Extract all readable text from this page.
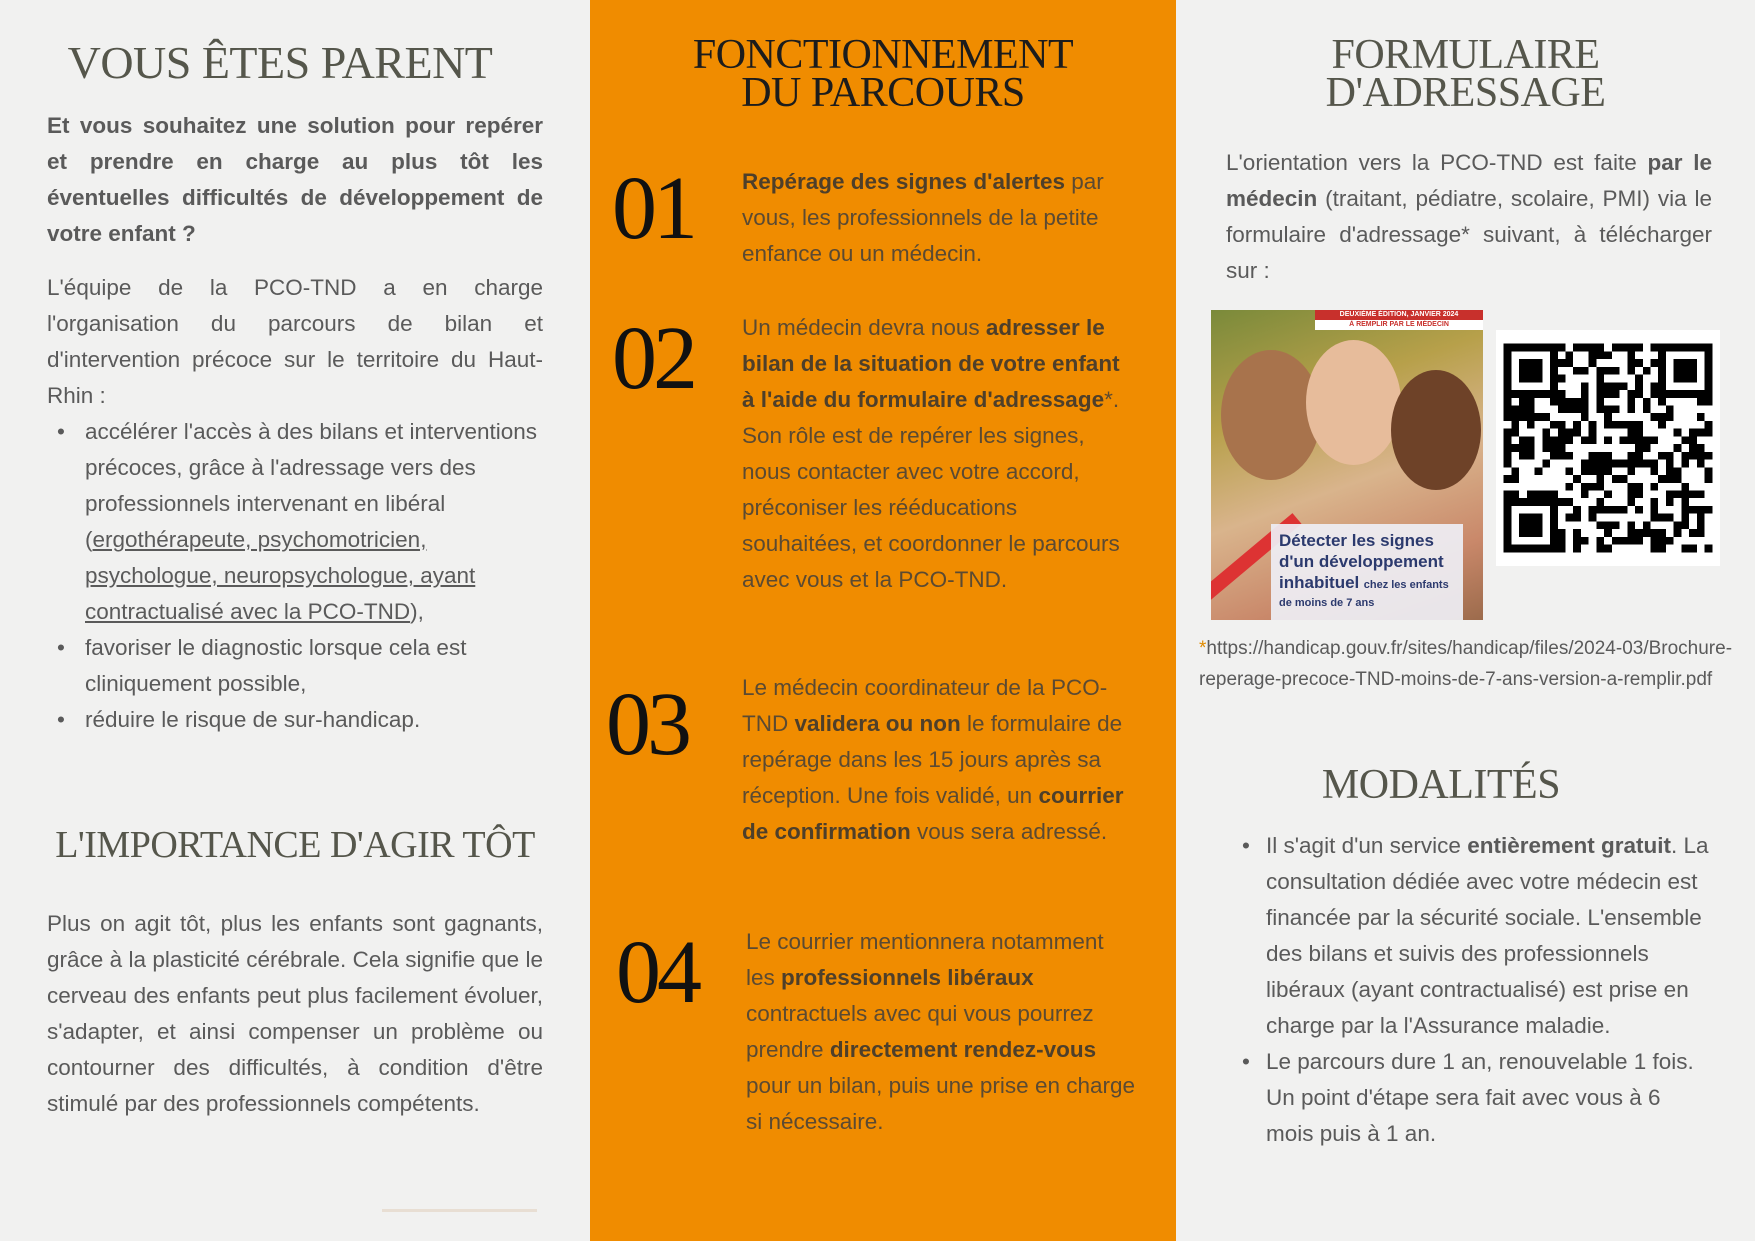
VOUS ÊTES PARENT

Et vous souhaitez une solution pour repérer et prendre en charge au plus tôt les éventuelles difficultés de développement de votre enfant ?

L'équipe de la PCO-TND a en charge l'organisation du parcours de bilan et d'intervention précoce sur le territoire du Haut-Rhin :

• accélérer l'accès à des bilans et interventions précoces, grâce à l'adressage vers des professionnels intervenant en libéral (ergothérapeute, psychomotricien, psychologue, neuropsychologue, ayant contractualisé avec la PCO-TND),
• favoriser le diagnostic lorsque cela est cliniquement possible,
• réduire le risque de sur-handicap.
L'IMPORTANCE D'AGIR TÔT

Plus on agit tôt, plus les enfants sont gagnants, grâce à la plasticité cérébrale. Cela signifie que le cerveau des enfants peut plus facilement évoluer, s'adapter, et ainsi compenser un problème ou contourner des difficultés, à condition d'être stimulé par des professionnels compétents.

FONCTIONNEMENT
DU PARCOURS
01 Repérage des signes d'alertes par vous, les professionnels de la petite enfance ou un médecin.
02 Un médecin devra nous adresser le bilan de la situation de votre enfant à l'aide du formulaire d'adressage*. Son rôle est de repérer les signes, nous contacter avec votre accord, préconiser les rééducations souhaitées, et coordonner le parcours avec vous et la PCO-TND.
03 Le médecin coordinateur de la PCO-TND validera ou non le formulaire de repérage dans les 15 jours après sa réception. Une fois validé, un courrier de confirmation vous sera adressé.
04 Le courrier mentionnera notamment les professionnels libéraux contractuels avec qui vous pourrez prendre directement rendez-vous pour un bilan, puis une prise en charge si nécessaire.
FORMULAIRE
D'ADRESSAGE

L'orientation vers la PCO-TND est faite par le médecin (traitant, pédiatre, scolaire, PMI) via le formulaire d'adressage* suivant, à télécharger sur :

DEUXIÈME ÉDITION, JANVIER 2024
À REMPLIR PAR LE MÉDECIN
Détecter les signes d'un développement inhabituel chez les enfants de moins de 7 ans

*https://handicap.gouv.fr/sites/handicap/files/2024-03/Brochure-reperage-precoce-TND-moins-de-7-ans-version-a-remplir.pdf

MODALITÉS
• Il s'agit d'un service entièrement gratuit. La consultation dédiée avec votre médecin est financée par la sécurité sociale. L'ensemble des bilans et suivis des professionnels libéraux (ayant contractualisé) est prise en charge par la l'Assurance maladie.
• Le parcours dure 1 an, renouvelable 1 fois. Un point d'étape sera fait avec vous à 6 mois puis à 1 an.
